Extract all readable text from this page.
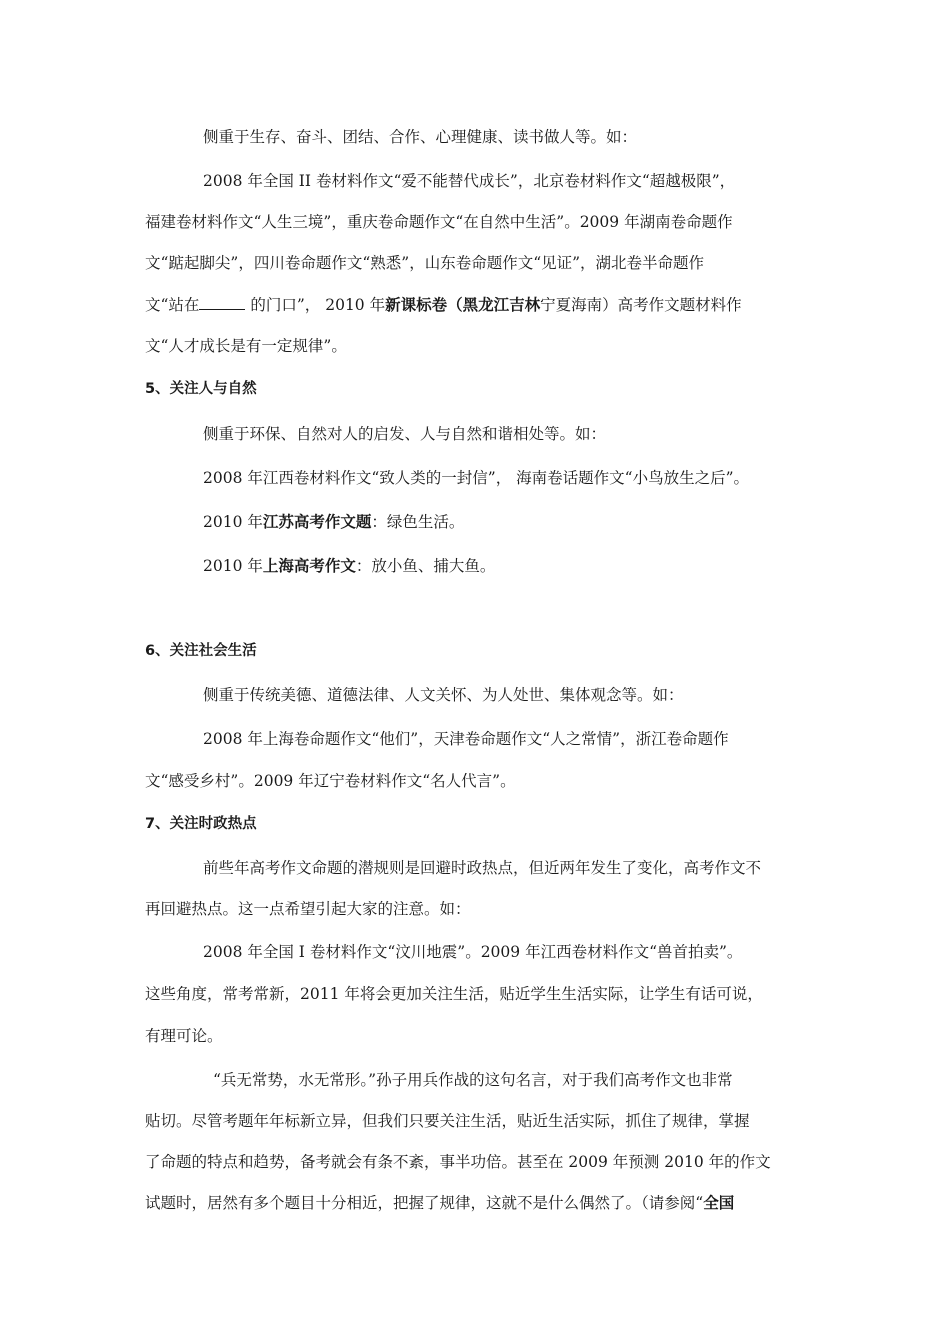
侧重于生存、奋斗、团结、合作、心理健康、读书做人等。如：
2008 年全国 II 卷材料作文“爱不能替代成长”，北京卷材料作文“超越极限”，
福建卷材料作文“人生三境”，重庆卷命题作文“在自然中生活”。2009 年湖南卷命题作
文“踮起脚尖”，四川卷命题作文“熟悉”，山东卷命题作文“见证”，湖北卷半命题作
文“站在	的门口”， 2010 年新课标卷（黑龙江吉林宁夏海南）高考作文题材料作
文“人才成长是有一定规律”。
5、关注人与自然
侧重于环保、自然对人的启发、人与自然和谐相处等。如：
2008 年江西卷材料作文“致人类的一封信”， 海南卷话题作文“小鸟放生之后”。
2010 年江苏高考作文题：绿色生活。
2010 年上海高考作文：放小鱼、捕大鱼。
6、关注社会生活
侧重于传统美德、道德法律、人文关怀、为人处世、集体观念等。如：
2008 年上海卷命题作文“他们”，天津卷命题作文“人之常情”，浙江卷命题作
文“感受乡村”。2009 年辽宁卷材料作文“名人代言”。
7、关注时政热点
前些年高考作文命题的潜规则是回避时政热点，但近两年发生了变化，高考作文不
再回避热点。这一点希望引起大家的注意。如：
2008 年全国 I 卷材料作文“汶川地震”。2009 年江西卷材料作文“兽首拍卖”。
这些角度，常考常新，2011 年将会更加关注生活，贴近学生生活实际，让学生有话可说，
有理可论。
“兵无常势，水无常形。”孙子用兵作战的这句名言，对于我们高考作文也非常
贴切。尽管考题年年标新立异，但我们只要关注生活，贴近生活实际，抓住了规律，掌握
了命题的特点和趋势，备考就会有条不紊，事半功倍。甚至在 2009 年预测 2010 年的作文
试题时，居然有多个题目十分相近，把握了规律，这就不是什么偶然了。（请参阅“全国
